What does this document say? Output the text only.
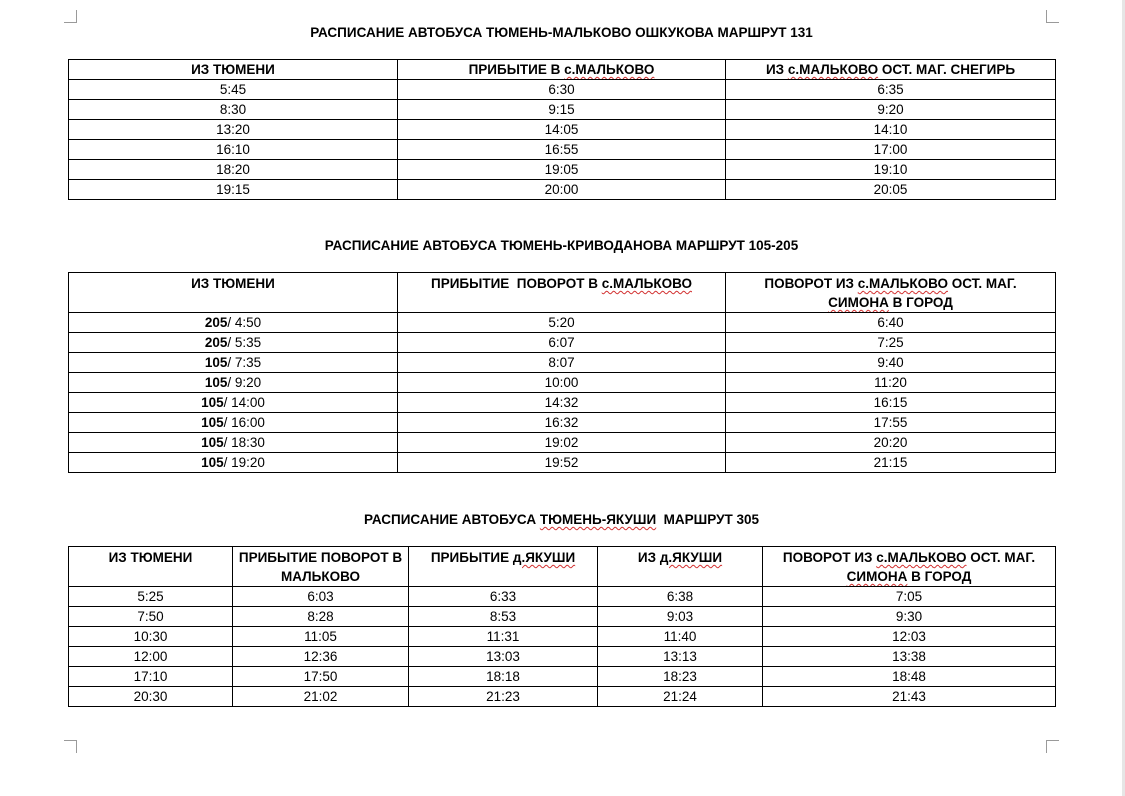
РАСПИСАНИЕ АВТОБУСА ТЮМЕНЬ-МАЛЬКОВО ОШКУКОВА МАРШРУТ 131
ИЗ ТЮМЕНИ	ПРИБЫТИЕ В с.МАЛЬКОВО	ИЗ с.МАЛЬКОВО ОСТ. МАГ. СНЕГИРЬ
5:45	6:30	6:35
8:30	9:15	9:20
13:20	14:05	14:10
16:10	16:55	17:00
18:20	19:05	19:10
19:15	20:00	20:05
РАСПИСАНИЕ АВТОБУСА ТЮМЕНЬ-КРИВОДАНОВА МАРШРУТ 105-205
ИЗ ТЮМЕНИ	ПРИБЫТИЕ  ПОВОРОТ В с.МАЛЬКОВО	ПОВОРОТ ИЗ с.МАЛЬКОВО ОСТ. МАГ.
СИМОНА В ГОРОД
205/ 4:50	5:20	6:40
205/ 5:35	6:07	7:25
105/ 7:35	8:07	9:40
105/ 9:20	10:00	11:20
105/ 14:00	14:32	16:15
105/ 16:00	16:32	17:55
105/ 18:30	19:02	20:20
105/ 19:20	19:52	21:15
РАСПИСАНИЕ АВТОБУСА ТЮМЕНЬ-ЯКУШИ  МАРШРУТ 305
ИЗ ТЮМЕНИ	ПРИБЫТИЕ ПОВОРОТ В МАЛЬКОВО	ПРИБЫТИЕ д.ЯКУШИ	ИЗ д.ЯКУШИ	ПОВОРОТ ИЗ с.МАЛЬКОВО ОСТ. МАГ.
СИМОНА В ГОРОД
5:25	6:03	6:33	6:38	7:05
7:50	8:28	8:53	9:03	9:30
10:30	11:05	11:31	11:40	12:03
12:00	12:36	13:03	13:13	13:38
17:10	17:50	18:18	18:23	18:48
20:30	21:02	21:23	21:24	21:43
